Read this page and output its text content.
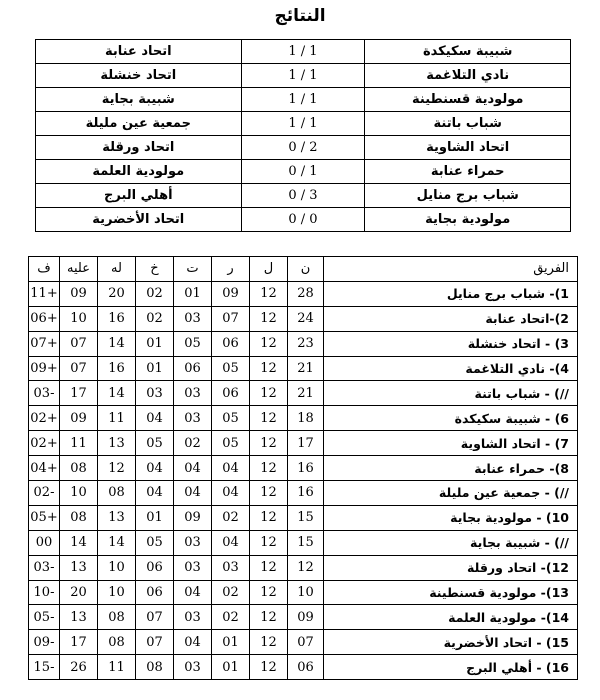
النتائج
اتحاد عنابة	1 / 1	شبيبة سكيكدة
اتحاد خنشلة	1 / 1	نادي التلاغمة
شبيبة بجاية	1 / 1	مولودية قسنطينة
جمعية عين مليلة	1 / 1	شباب باتنة
اتحاد ورقلة	0 / 2	اتحاد الشاوية
مولودية العلمة	0 / 1	حمراء عنابة
أهلي البرج	0 / 3	شباب برج منايل
اتحاد الأخضرية	0 / 0	مولودية بجاية
ف	عليه	له	خ	ت	ر	ل	ن	الفريق
11+	09	20	02	01	09	12	28	1)- شباب برج منايل
06+	10	16	02	03	07	12	24	2)-اتحاد عنابة
07+	07	14	01	05	06	12	23	3) - اتحاد خنشلة
09+	07	16	01	06	05	12	21	4)- نادي التلاغمة
03-	17	14	03	03	06	12	21	//) - شباب باتنة
02+	09	11	04	03	05	12	18	6) - شبيبة سكيكدة
02+	11	13	05	02	05	12	17	7) - اتحاد الشاوية
04+	08	12	04	04	04	12	16	8)- حمراء عنابة
02-	10	08	04	04	04	12	16	//) - جمعية عين مليلة
05+	08	13	01	09	02	12	15	10) - مولودية بجاية
00	14	14	05	03	04	12	15	//) - شبيبة بجاية
03-	13	10	06	03	03	12	12	12)- اتحاد ورقلة
10-	20	10	06	04	02	12	10	13)- مولودية قسنطينة
05-	13	08	07	03	02	12	09	14)- مولودية العلمة
09-	17	08	07	04	01	12	07	15) - اتحاد الأخضرية
15-	26	11	08	03	01	12	06	16) - أهلي البرج
